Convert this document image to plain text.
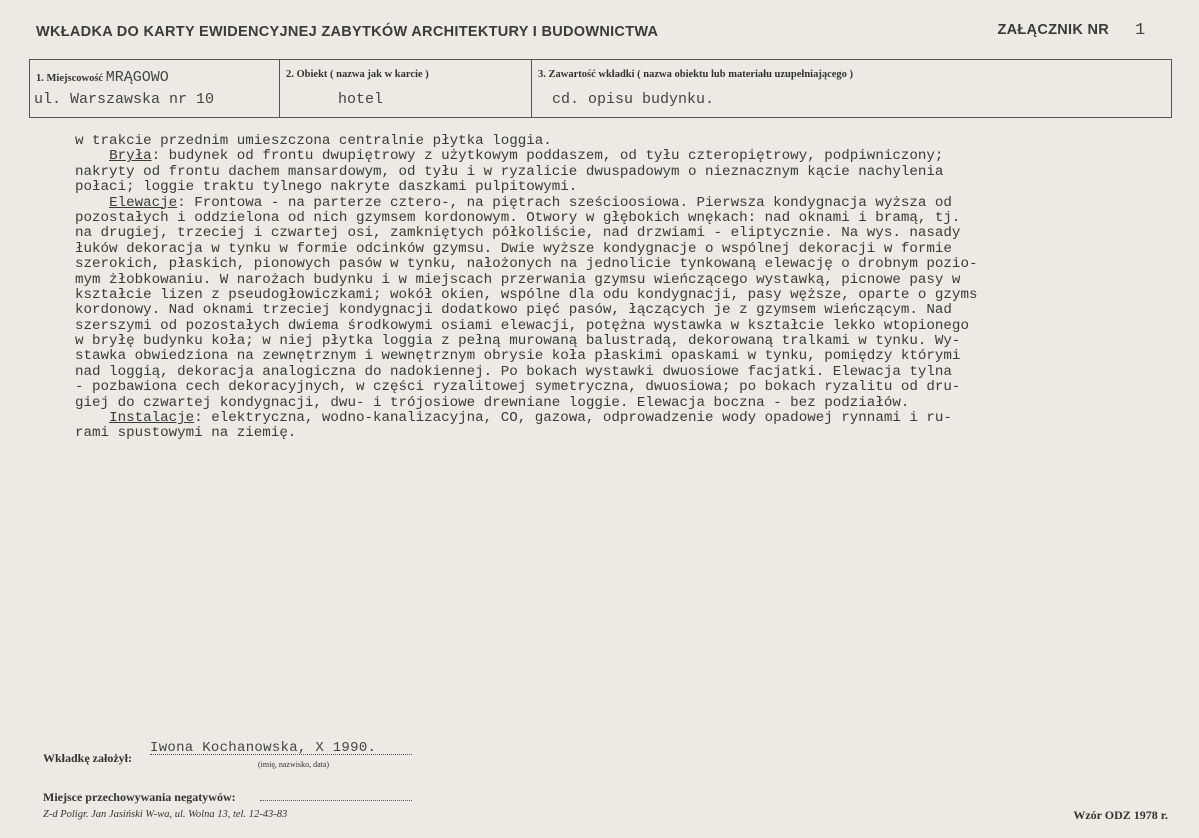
WKŁADKA DO KARTY EWIDENCYJNEJ ZABYTKÓW ARCHITEKTURY I BUDOWNICTWA	ZAŁĄCZNIK NR 1
1. Miejscowość MRĄGOWO
ul. Warszawska nr 10
2. Obiekt ( nazwa jak w karcie )
hotel
3. Zawartość wkładki ( nazwa obiektu lub materiału uzupełniającego )
cd. opisu budynku.
w trakcie przednim umieszczona centralnie płytka loggia.
Bryła: budynek od frontu dwupiętrowy z użytkowym poddaszem, od tyłu czteropiętrowy, podpiwniczony;
nakryty od frontu dachem mansardowym, od tyłu i w ryzalicie dwuspadowym o nieznacznym kącie nachylenia
połaci; loggie traktu tylnego nakryte daszkami pulpitowymi.
Elewacje: Frontowa - na parterze cztero-, na piętrach sześcioosiowa. Pierwsza kondygnacja wyższa od
pozostałych i oddzielona od nich gzymsem kordonowym. Otwory w głębokich wnękach: nad oknami i bramą, tj.
na drugiej, trzeciej i czwartej osi, zamkniętych półkoliście, nad drzwiami - eliptycznie. Na wys. nasady
łuków dekoracja w tynku w formie odcinków gzymsu. Dwie wyższe kondygnacje o wspólnej dekoracji w formie
szerokich, płaskich, pionowych pasów w tynku, nałożonych na jednolicie tynkowaną elewację o drobnym pozio-
mym żłobkowaniu. W narożach budynku i w miejscach przerwania gzymsu wieńczącego wystawką, picnowe pasy w
kształcie lizen z pseudogłowiczkami; wokół okien, wspólne dla odu kondygnacji, pasy węższe, oparte o gzyms
kordonowy. Nad oknami trzeciej kondygnacji dodatkowo pięć pasów, łączących je z gzymsem wieńczącym. Nad
szerszymi od pozostałych dwiema środkowymi osiami elewacji, potężna wystawka w kształcie lekko wtopionego
w bryłę budynku koła; w niej płytka loggia z pełną murowaną balustradą, dekorowaną tralkami w tynku. Wy-
stawka obwiedziona na zewnętrznym i wewnętrznym obrysie koła płaskimi opaskami w tynku, pomiędzy którymi
nad loggią, dekoracja analogiczna do nadokiennej. Po bokach wystawki dwuosiowe facjatki. Elewacja tylna
- pozbawiona cech dekoracyjnych, w części ryzalitowej symetryczna, dwuosiowa; po bokach ryzalitu od dru-
giej do czwartej kondygnacji, dwu- i trójosiowe drewniane loggie. Elewacja boczna - bez podziałów.
Instalacje: elektryczna, wodno-kanalizacyjna, CO, gazowa, odprowadzenie wody opadowej rynnami i ru-
rami spustowymi na ziemię.
Wkładkę założył:
Iwona Kochanowska, X 1990.
(imię, nazwisko, data)
Miejsce przechowywania negatywów:
Z-d Poligr. Jan Jasiński W-wa, ul. Wolna 13, tel. 12-43-83	Wzór ODZ 1978 r.
